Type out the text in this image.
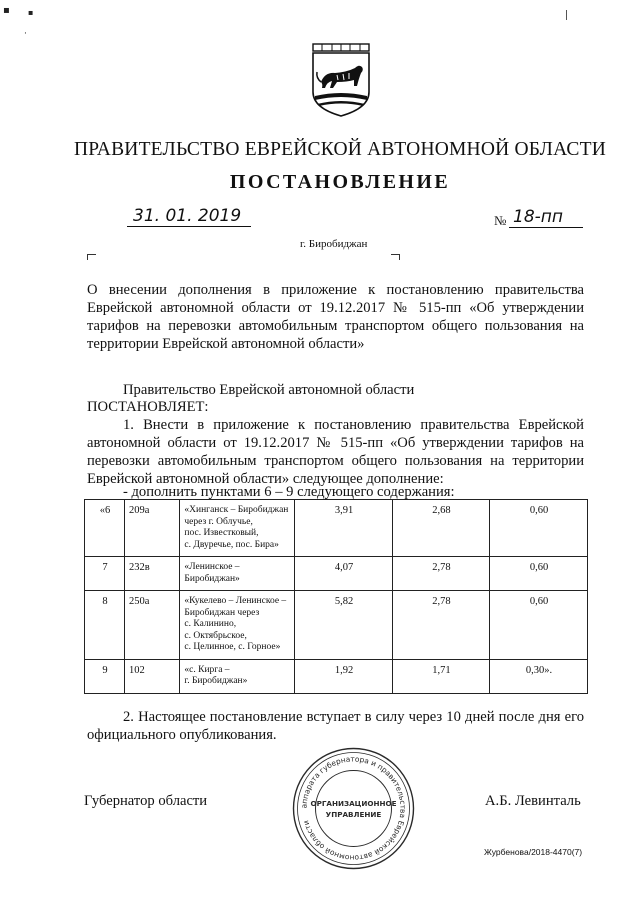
▪ ▪
·
ПРАВИТЕЛЬСТВО ЕВРЕЙСКОЙ АВТОНОМНОЙ ОБЛАСТИ
ПОСТАНОВЛЕНИЕ
31. 01. 2019	№ 18-пп
г. Биробиджан
О внесении дополнения в приложение к постановлению правительства Еврейской автономной области от 19.12.2017 № 515-пп «Об утверждении тарифов на перевозки автомобильным транспортом общего пользования на территории Еврейской автономной области»
Правительство Еврейской автономной области
ПОСТАНОВЛЯЕТ:
1. Внести в приложение к постановлению правительства Еврейской автономной области от 19.12.2017 № 515-пп «Об утверждении тарифов на перевозки автомобильным транспортом общего пользования на территории Еврейской автономной области» следующее дополнение:
- дополнить пунктами 6 – 9 следующего содержания:
«6	209а	«Хинганск – Биробиджан
через г. Облучье,
пос. Известковый,
с. Двуречье, пос. Бира»	3,91	2,68	0,60
7	232в	«Ленинское –
Биробиджан»	4,07	2,78	0,60
8	250а	«Кукелево – Ленинское –
Биробиджан через
с. Калинино,
с. Октябрьское,
с. Целинное, с. Горное»	5,82	2,78	0,60
9	102	«с. Кирга –
г. Биробиджан»	1,92	1,71	0,30».
2. Настоящее постановление вступает в силу через 10 дней после дня его официального опубликования.
Губернатор области	А.Б. Левинталь
аппарата губернатора и правительства Еврейской автономной области
ОРГАНИЗАЦИОННОЕ
УПРАВЛЕНИЕ
Журбенова/2018-4470(7)
